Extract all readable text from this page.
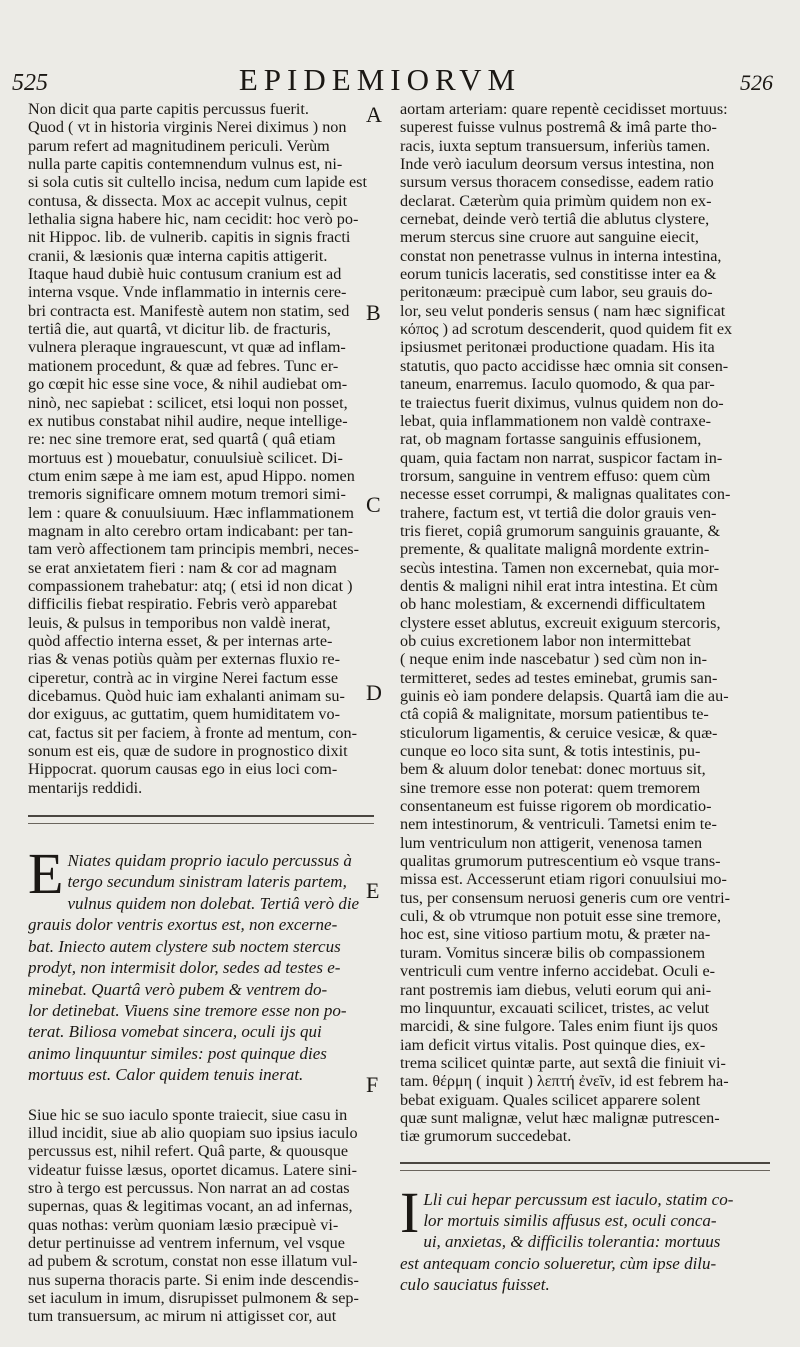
525	EPIDEMIORVM	526
A
B
C
D
E
F
Non dicit qua parte capitis percussus fuerit.
Quod ( vt in historia virginis Nerei diximus ) non
parum refert ad magnitudinem periculi. Verùm
nulla parte capitis contemnendum vulnus est, ni-
si sola cutis sit cultello incisa, nedum cum lapide est
contusa, & dissecta. Mox ac accepit vulnus, cepit
lethalia signa habere hic, nam cecidit: hoc verò po-
nit Hippoc. lib. de vulnerib. capitis in signis fracti
cranii, & læsionis quæ interna capitis attigerit.
Itaque haud dubiè huic contusum cranium est ad
interna vsque. Vnde inflammatio in internis cere-
bri contracta est. Manifestè autem non statim, sed
tertiâ die, aut quartâ, vt dicitur lib. de fracturis,
vulnera pleraque ingrauescunt, vt quæ ad inflam-
mationem procedunt, & quæ ad febres. Tunc er-
go cœpit hic esse sine voce, & nihil audiebat om-
ninò, nec sapiebat : scilicet, etsi loqui non posset,
ex nutibus constabat nihil audire, neque intellige-
re: nec sine tremore erat, sed quartâ ( quâ etiam
mortuus est ) mouebatur, conuulsiuè scilicet. Di-
ctum enim sæpe à me iam est, apud Hippo. nomen
tremoris significare omnem motum tremori simi-
lem : quare & conuulsiuum. Hæc inflammationem
magnam in alto cerebro ortam indicabant: per tan-
tam verò affectionem tam principis membri, neces-
se erat anxietatem fieri : nam & cor ad magnam
compassionem trahebatur: atq; ( etsi id non dicat )
difficilis fiebat respiratio. Febris verò apparebat
leuis, & pulsus in temporibus non valdè inerat,
quòd affectio interna esset, & per internas arte-
rias & venas potiùs quàm per externas fluxio re-
ciperetur, contrà ac in virgine Nerei factum esse
dicebamus. Quòd huic iam exhalanti animam su-
dor exiguus, ac guttatim, quem humiditatem vo-
cat, factus sit per faciem, à fronte ad mentum, con-
sonum est eis, quæ de sudore in prognostico dixit
Hippocrat. quorum causas ego in eius loci com-
mentarijs reddidi.
E Niates quidam proprio iaculo percussus à
tergo secundum sinistram lateris partem,
vulnus quidem non dolebat. Tertiâ verò die
grauis dolor ventris exortus est, non excerne-
bat. Iniecto autem clystere sub noctem stercus
prodyt, non intermisit dolor, sedes ad testes e-
minebat. Quartâ verò pubem & ventrem do-
lor detinebat. Viuens sine tremore esse non po-
terat. Biliosa vomebat sincera, oculi ijs qui
animo linquuntur similes: post quinque dies
mortuus est. Calor quidem tenuis inerat.
Siue hic se suo iaculo sponte traiecit, siue casu in
illud incidit, siue ab alio quopiam suo ipsius iaculo
percussus est, nihil refert. Quâ parte, & quousque
videatur fuisse læsus, oportet dicamus. Latere sini-
stro à tergo est percussus. Non narrat an ad costas
supernas, quas & legitimas vocant, an ad infernas,
quas nothas: verùm quoniam læsio præcipuè vi-
detur pertinuisse ad ventrem infernum, vel vsque
ad pubem & scrotum, constat non esse illatum vul-
nus superna thoracis parte. Si enim inde descendis-
set iaculum in imum, disrupisset pulmonem & sep-
tum transuersum, ac mirum ni attigisset cor, aut
aortam arteriam: quare repentè cecidisset mortuus:
superest fuisse vulnus postremâ & imâ parte tho-
racis, iuxta septum transuersum, inferiùs tamen.
Inde verò iaculum deorsum versus intestina, non
sursum versus thoracem consedisse, eadem ratio
declarat. Cæterùm quia primùm quidem non ex-
cernebat, deinde verò tertiâ die ablutus clystere,
merum stercus sine cruore aut sanguine eiecit,
constat non penetrasse vulnus in interna intestina,
eorum tunicis laceratis, sed constitisse inter ea &
peritonæum: præcipuè cum labor, seu grauis do-
lor, seu velut ponderis sensus ( nam hæc significat
κόπος ) ad scrotum descenderit, quod quidem fit ex
ipsiusmet peritonæi productione quadam. His ita
statutis, quo pacto accidisse hæc omnia sit consen-
taneum, enarremus. Iaculo quomodo, & qua par-
te traiectus fuerit diximus, vulnus quidem non do-
lebat, quia inflammationem non valdè contraxe-
rat, ob magnam fortasse sanguinis effusionem,
quam, quia factam non narrat, suspicor factam in-
trorsum, sanguine in ventrem effuso: quem cùm
necesse esset corrumpi, & malignas qualitates con-
trahere, factum est, vt tertiâ die dolor grauis ven-
tris fieret, copiâ grumorum sanguinis grauante, &
premente, & qualitate malignâ mordente extrin-
secùs intestina. Tamen non excernebat, quia mor-
dentis & maligni nihil erat intra intestina. Et cùm
ob hanc molestiam, & excernendi difficultatem
clystere esset ablutus, excreuit exiguum stercoris,
ob cuius excretionem labor non intermittebat
( neque enim inde nascebatur ) sed cùm non in-
termitteret, sedes ad testes eminebat, grumis san-
guinis eò iam pondere delapsis. Quartâ iam die au-
ctâ copiâ & malignitate, morsum patientibus te-
sticulorum ligamentis, & ceruice vesicæ, & quæ-
cunque eo loco sita sunt, & totis intestinis, pu-
bem & aluum dolor tenebat: donec mortuus sit,
sine tremore esse non poterat: quem tremorem
consentaneum est fuisse rigorem ob mordicatio-
nem intestinorum, & ventriculi. Tametsi enim te-
lum ventriculum non attigerit, venenosa tamen
qualitas grumorum putrescentium eò vsque trans-
missa est. Accesserunt etiam rigori conuulsiui mo-
tus, per consensum neruosi generis cum ore ventri-
culi, & ob vtrumque non potuit esse sine tremore,
hoc est, sine vitioso partium motu, & præter na-
turam. Vomitus sinceræ bilis ob compassionem
ventriculi cum ventre inferno accidebat. Oculi e-
rant postremis iam diebus, veluti eorum qui ani-
mo linquuntur, excauati scilicet, tristes, ac velut
marcidi, & sine fulgore. Tales enim fiunt ijs quos
iam deficit virtus vitalis. Post quinque dies, ex-
trema scilicet quintæ parte, aut sextâ die finiuit vi-
tam. θέρμη ( inquit ) λεπτή ἐνεῖν, id est febrem ha-
bebat exiguam. Quales scilicet apparere solent
quæ sunt malignæ, velut hæc malignæ putrescen-
tiæ grumorum succedebat.
I Lli cui hepar percussum est iaculo, statim co-
lor mortuis similis affusus est, oculi conca-
ui, anxietas, & difficilis tolerantia: mortuus
est antequam concio solueretur, cùm ipse dilu-
culo sauciatus fuisset.
